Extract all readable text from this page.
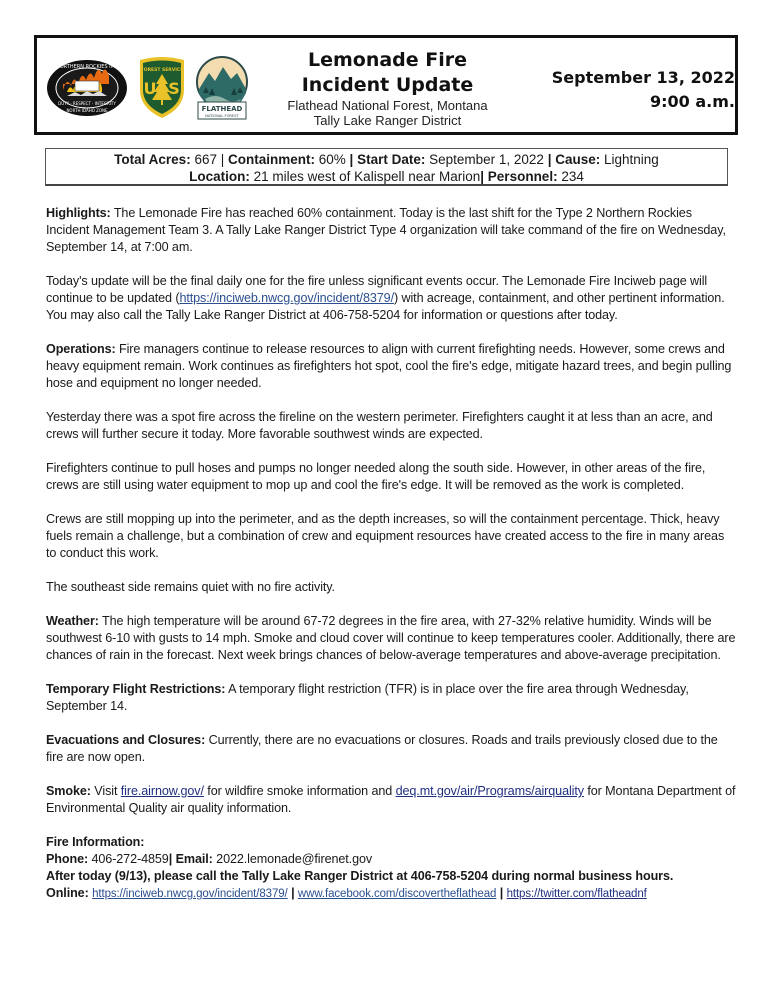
NORTHERN ROCKIES IMT
DUTY · RESPECT · INTEGRITY
NORTH IDAHO ZONE
FOREST SERVICE
U S
FLATHEAD
NATIONAL FOREST
Lemonade Fire
Incident Update
Flathead National Forest, Montana
Tally Lake Ranger District
September 13, 2022
9:00 a.m.
Total Acres: 667 | Containment: 60% | Start Date: September 1, 2022 | Cause: Lightning
Location: 21 miles west of Kalispell near Marion| Personnel: 234

Highlights: The Lemonade Fire has reached 60% containment. Today is the last shift for the Type 2 Northern Rockies Incident Management Team 3. A Tally Lake Ranger District Type 4 organization will take command of the fire on Wednesday, September 14, at 7:00 am.

Today's update will be the final daily one for the fire unless significant events occur. The Lemonade Fire Inciweb page will continue to be updated (https://inciweb.nwcg.gov/incident/8379/) with acreage, containment, and other pertinent information. You may also call the Tally Lake Ranger District at 406-758-5204 for information or questions after today.

Operations: Fire managers continue to release resources to align with current firefighting needs. However, some crews and heavy equipment remain. Work continues as firefighters hot spot, cool the fire's edge, mitigate hazard trees, and begin pulling hose and equipment no longer needed.

Yesterday there was a spot fire across the fireline on the western perimeter. Firefighters caught it at less than an acre, and crews will further secure it today. More favorable southwest winds are expected.

Firefighters continue to pull hoses and pumps no longer needed along the south side. However, in other areas of the fire, crews are still using water equipment to mop up and cool the fire's edge. It will be removed as the work is completed.

Crews are still mopping up into the perimeter, and as the depth increases, so will the containment percentage. Thick, heavy fuels remain a challenge, but a combination of crew and equipment resources have created access to the fire in many areas to conduct this work.

The southeast side remains quiet with no fire activity.

Weather: The high temperature will be around 67-72 degrees in the fire area, with 27-32% relative humidity. Winds will be southwest 6-10 with gusts to 14 mph. Smoke and cloud cover will continue to keep temperatures cooler. Additionally, there are chances of rain in the forecast. Next week brings chances of below-average temperatures and above-average precipitation.

Temporary Flight Restrictions: A temporary flight restriction (TFR) is in place over the fire area through Wednesday, September 14.

Evacuations and Closures: Currently, there are no evacuations or closures. Roads and trails previously closed due to the fire are now open.

Smoke: Visit fire.airnow.gov/ for wildfire smoke information and deq.mt.gov/air/Programs/airquality for Montana Department of Environmental Quality air quality information.

Fire Information:

Phone: 406-272-4859| Email: 2022.lemonade@firenet.gov

After today (9/13), please call the Tally Lake Ranger District at 406-758-5204 during normal business hours.

Online: https://inciweb.nwcg.gov/incident/8379/ | www.facebook.com/discovertheflathead | https://twitter.com/flatheadnf
